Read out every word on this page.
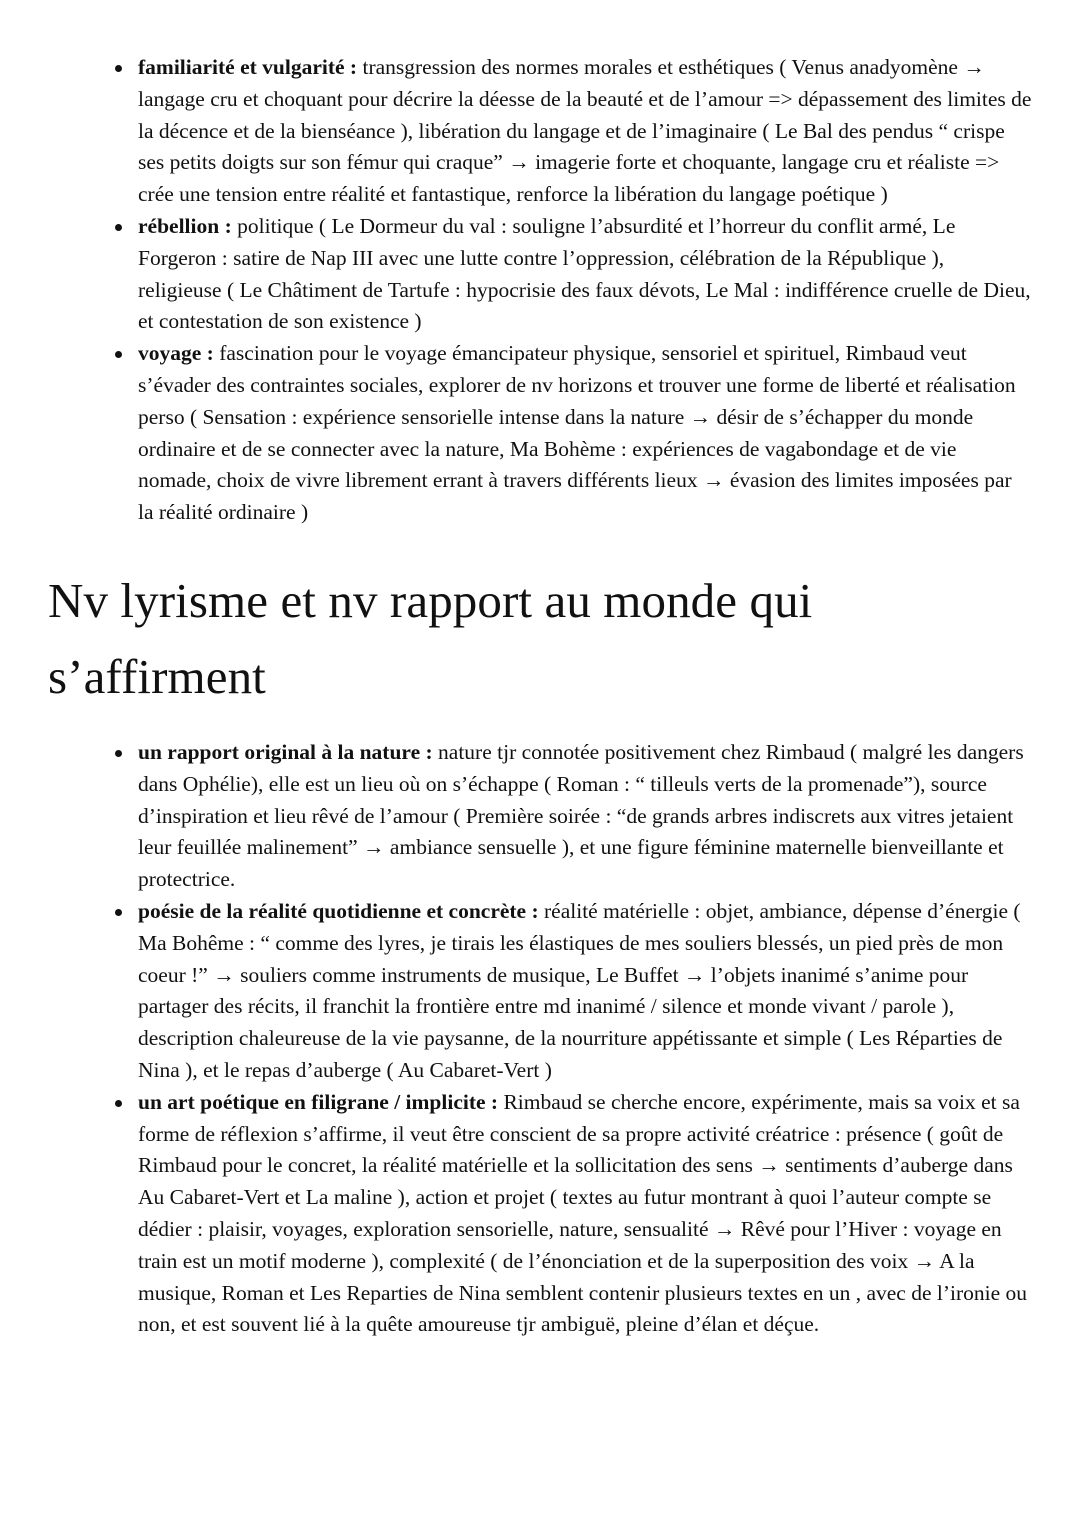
familiarité et vulgarité : transgression des normes morales et esthétiques ( Venus anadyomène → langage cru et choquant pour décrire la déesse de la beauté et de l’amour => dépassement des limites de la décence et de la bienséance ), libération du langage et de l’imaginaire ( Le Bal des pendus “ crispe ses petits doigts sur son fémur qui craque” → imagerie forte et choquante, langage cru et réaliste => crée une tension entre réalité et fantastique, renforce la libération du langage poétique )
rébellion : politique ( Le Dormeur du val : souligne l’absurdité et l’horreur du conflit armé, Le Forgeron : satire de Nap III avec une lutte contre l’oppression, célébration de la République ), religieuse ( Le Châtiment de Tartufe : hypocrisie des faux dévots, Le Mal : indifférence cruelle de Dieu, et contestation de son existence )
voyage : fascination pour le voyage émancipateur physique, sensoriel et spirituel, Rimbaud veut s’évader des contraintes sociales, explorer de nv horizons et trouver une forme de liberté et réalisation perso ( Sensation : expérience sensorielle intense dans la nature → désir de s’échapper du monde ordinaire et de se connecter avec la nature, Ma Bohème : expériences de vagabondage et de vie nomade, choix de vivre librement errant à travers différents lieux → évasion des limites imposées par la réalité ordinaire )
Nv lyrisme et nv rapport au monde qui s’affirment
un rapport original à la nature : nature tjr connotée positivement chez Rimbaud ( malgré les dangers dans Ophélie), elle est un lieu où on s’échappe ( Roman : “ tilleuls verts de la promenade”), source d’inspiration et lieu rêvé de l’amour ( Première soirée : “de grands arbres indiscrets aux vitres jetaient leur feuillée malinement” → ambiance sensuelle ), et une figure féminine maternelle bienveillante et protectrice.
poésie de la réalité quotidienne et concrète : réalité matérielle : objet, ambiance, dépense d’énergie ( Ma Bohême : “ comme des lyres, je tirais les élastiques de mes souliers blessés, un pied près de mon coeur !” → souliers comme instruments de musique, Le Buffet → l’objets inanimé s’anime pour partager des récits, il franchit la frontière entre md inanimé / silence et monde vivant / parole ), description chaleureuse de la vie paysanne, de la nourriture appétissante et simple ( Les Réparties de Nina ), et le repas d’auberge ( Au Cabaret-Vert )
un art poétique en filigrane / implicite : Rimbaud se cherche encore, expérimente, mais sa voix et sa forme de réflexion s’affirme, il veut être conscient de sa propre activité créatrice : présence ( goût de Rimbaud pour le concret, la réalité matérielle et la sollicitation des sens → sentiments d’auberge dans Au Cabaret-Vert et La maline ), action et projet ( textes au futur montrant à quoi l’auteur compte se dédier : plaisir, voyages, exploration sensorielle, nature, sensualité → Rêvé pour l’Hiver : voyage en train est un motif moderne ), complexité ( de l’énonciation et de la superposition des voix → A la musique, Roman et Les Reparties de Nina semblent contenir plusieurs textes en un , avec de l’ironie ou non, et est souvent lié à la quête amoureuse tjr ambiguë, pleine d’élan et déçue.
